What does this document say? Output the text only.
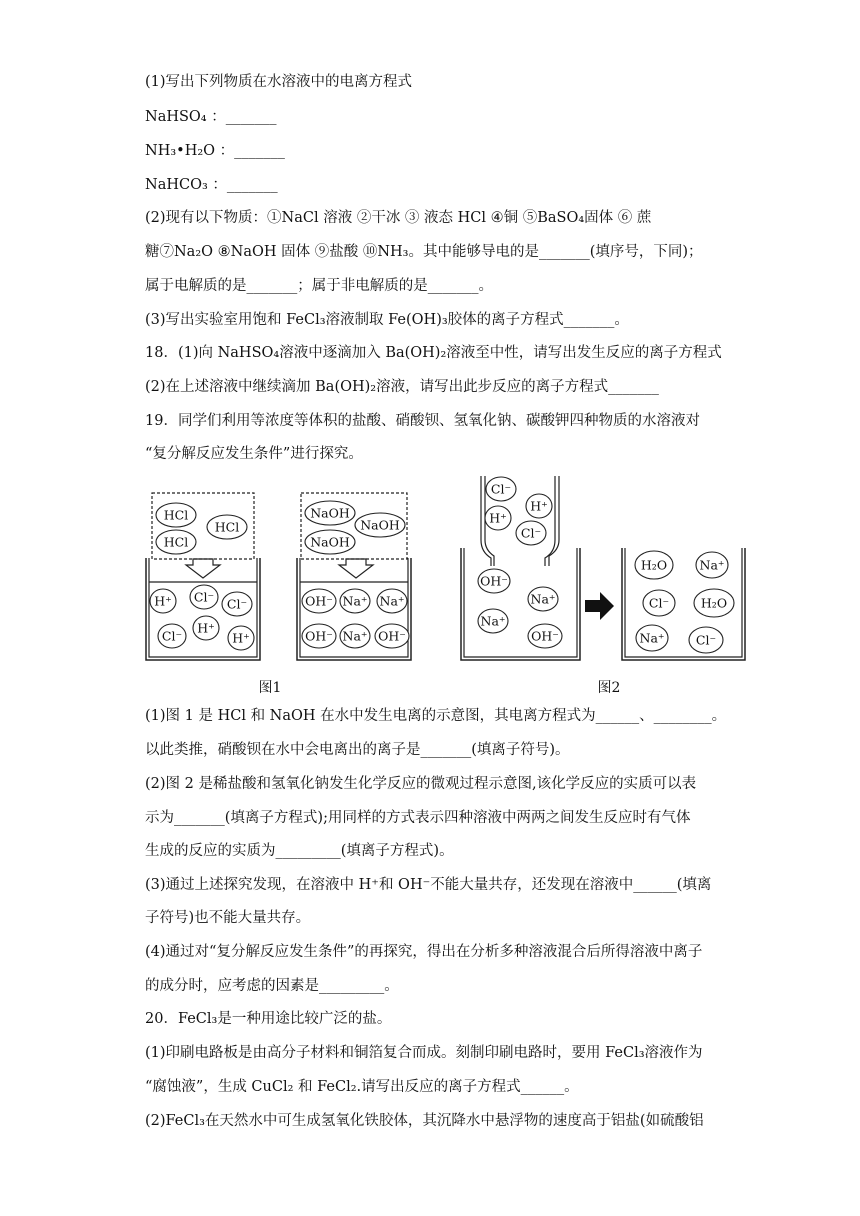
(1)写出下列物质在水溶液中的电离方程式
NaHSO₄ ：_______
NH₃•H₂O ：_______
NaHCO₃ ：_______
(2)现有以下物质：①NaCl 溶液 ②干冰 ③ 液态 HCl ④铜 ⑤BaSO₄固体 ⑥ 蔗
糖⑦Na₂O ⑧NaOH 固体 ⑨盐酸 ⑩NH₃。其中能够导电的是_______(填序号，下同)；
属于电解质的是_______；属于非电解质的是_______。
(3)写出实验室用饱和 FeCl₃溶液制取 Fe(OH)₃胶体的离子方程式_______。
18．(1)向 NaHSO₄溶液中逐滴加入 Ba(OH)₂溶液至中性，请写出发生反应的离子方程式
(2)在上述溶液中继续滴加 Ba(OH)₂溶液，请写出此步反应的离子方程式_______
19．同学们利用等浓度等体积的盐酸、硝酸钡、氢氧化钠、碳酸钾四种物质的水溶液对
“复分解反应发生条件”进行探究。
HCl
HCl
HCl
NaOH
NaOH
NaOH
H⁺ Cl⁻ Cl⁻
Cl⁻
H⁺
H⁺
OH⁻ Na⁺ Na⁺
OH⁻ Na⁺ OH⁻
Cl⁻
H⁺
H⁺
Cl⁻
OH⁻
Na⁺
Na⁺
OH⁻
H₂O	Na⁺
Cl⁻	H₂O
Na⁺	Cl⁻
图1	图2
(1)图 1 是 HCl 和 NaOH 在水中发生电离的示意图，其电离方程式为______、________。
以此类推，硝酸钡在水中会电离出的离子是_______(填离子符号)。
(2)图 2 是稀盐酸和氢氧化钠发生化学反应的微观过程示意图,该化学反应的实质可以表
示为_______(填离子方程式);用同样的方式表示四种溶液中两两之间发生反应时有气体
生成的反应的实质为_________(填离子方程式)。
(3)通过上述探究发现，在溶液中 H⁺和 OH⁻不能大量共存，还发现在溶液中______(填离
子符号)也不能大量共存。
(4)通过对“复分解反应发生条件”的再探究，得出在分析多种溶液混合后所得溶液中离子
的成分时，应考虑的因素是_________。
20．FeCl₃是一种用途比较广泛的盐。
(1)印刷电路板是由高分子材料和铜箔复合而成。刻制印刷电路时，要用 FeCl₃溶液作为
“腐蚀液”，生成 CuCl₂ 和 FeCl₂.请写出反应的离子方程式______。
(2)FeCl₃在天然水中可生成氢氧化铁胶体，其沉降水中悬浮物的速度高于铝盐(如硫酸铝
